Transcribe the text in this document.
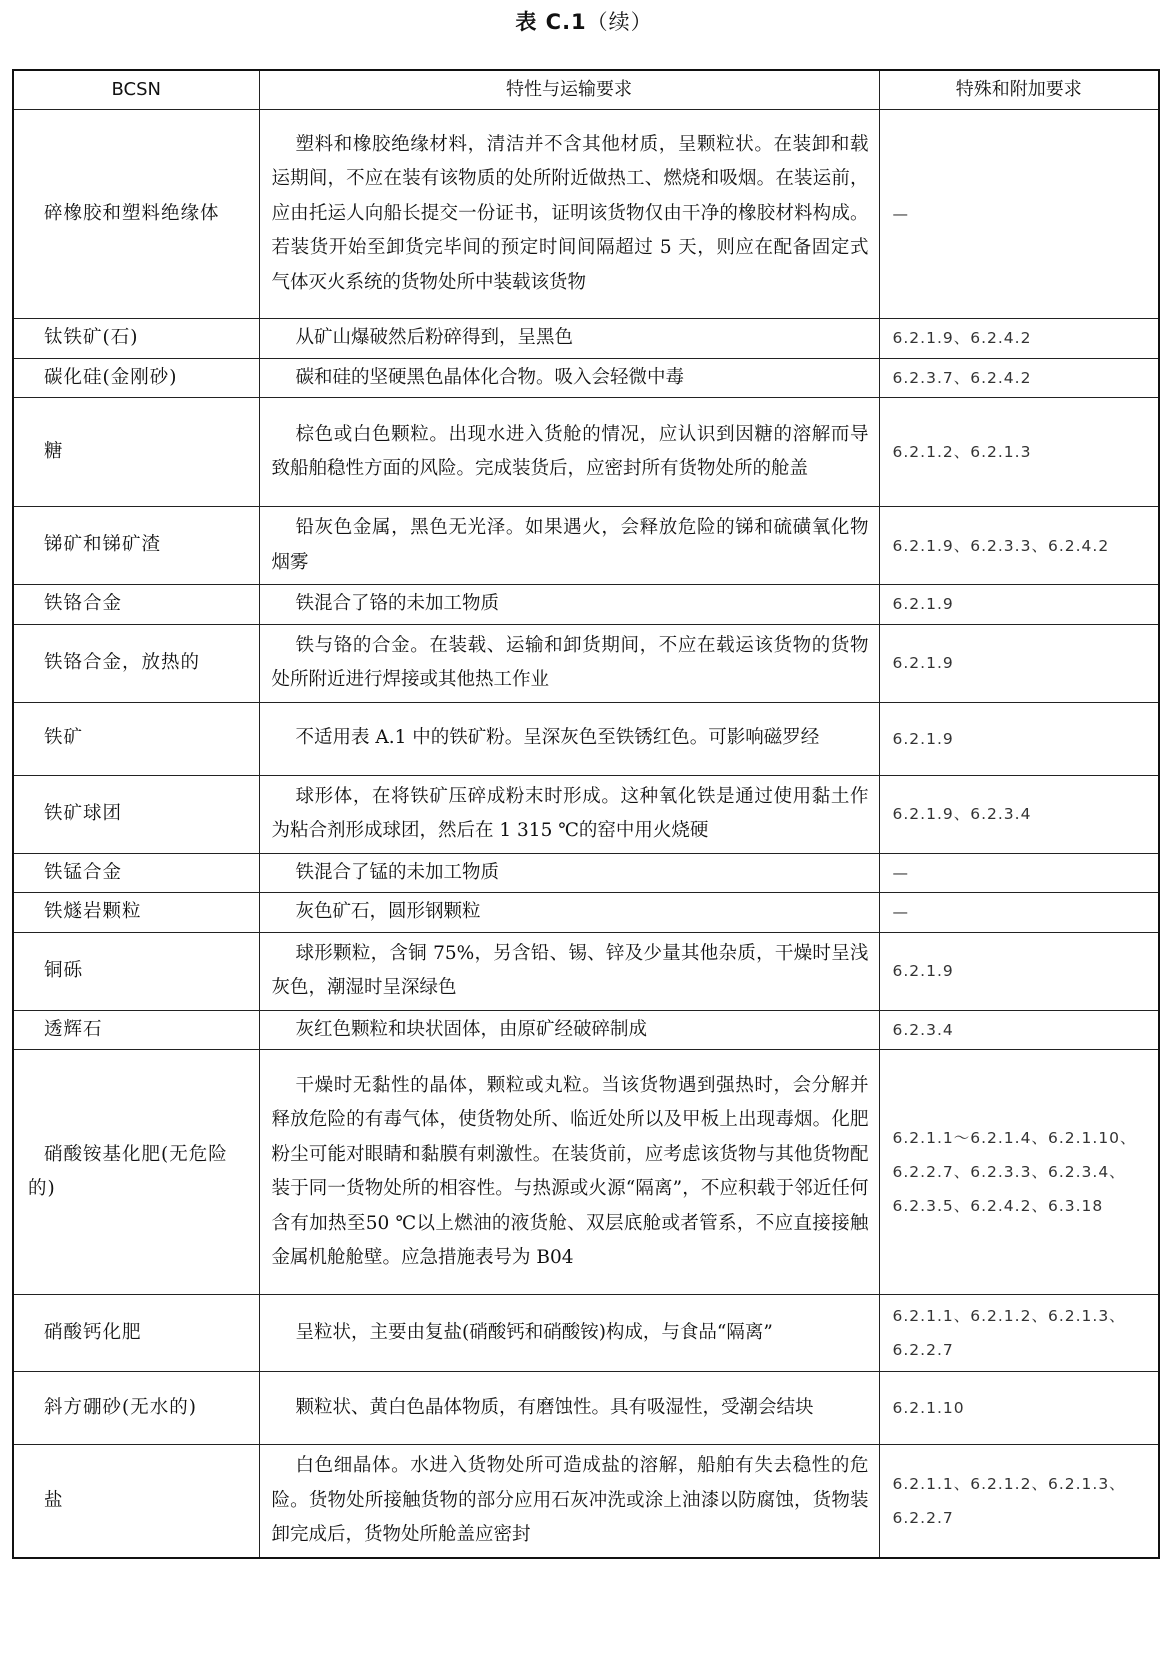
表 C.1（续）
BCSN	特性与运输要求	特殊和附加要求
碎橡胶和塑料绝缘体	塑料和橡胶绝缘材料，清洁并不含其他材质，呈颗粒状。在装卸和载运期间，不应在装有该物质的处所附近做热工、燃烧和吸烟。在装运前，应由托运人向船长提交一份证书，证明该货物仅由干净的橡胶材料构成。若装货开始至卸货完毕间的预定时间间隔超过 5 天，则应在配备固定式气体灭火系统的货物处所中装载该货物	—
钛铁矿(石)	从矿山爆破然后粉碎得到，呈黑色	6.2.1.9、6.2.4.2
碳化硅(金刚砂)	碳和硅的坚硬黑色晶体化合物。吸入会轻微中毒	6.2.3.7、6.2.4.2
糖	棕色或白色颗粒。出现水进入货舱的情况，应认识到因糖的溶解而导致船舶稳性方面的风险。完成装货后，应密封所有货物处所的舱盖	6.2.1.2、6.2.1.3
锑矿和锑矿渣	铅灰色金属，黑色无光泽。如果遇火，会释放危险的锑和硫磺氧化物烟雾	6.2.1.9、6.2.3.3、6.2.4.2
铁铬合金	铁混合了铬的未加工物质	6.2.1.9
铁铬合金，放热的	铁与铬的合金。在装载、运输和卸货期间，不应在载运该货物的货物处所附近进行焊接或其他热工作业	6.2.1.9
铁矿	不适用表 A.1 中的铁矿粉。呈深灰色至铁锈红色。可影响磁罗经	6.2.1.9
铁矿球团	球形体，在将铁矿压碎成粉末时形成。这种氧化铁是通过使用黏土作为粘合剂形成球团，然后在 1 315 ℃的窑中用火烧硬	6.2.1.9、6.2.3.4
铁锰合金	铁混合了锰的未加工物质	—
铁燧岩颗粒	灰色矿石，圆形钢颗粒	—
铜砾	球形颗粒，含铜 75%，另含铅、锡、锌及少量其他杂质，干燥时呈浅灰色，潮湿时呈深绿色	6.2.1.9
透辉石	灰红色颗粒和块状固体，由原矿经破碎制成	6.2.3.4
硝酸铵基化肥(无危险的)	干燥时无黏性的晶体，颗粒或丸粒。当该货物遇到强热时，会分解并释放危险的有毒气体，使货物处所、临近处所以及甲板上出现毒烟。化肥粉尘可能对眼睛和黏膜有刺激性。在装货前，应考虑该货物与其他货物配装于同一货物处所的相容性。与热源或火源“隔离”，不应积载于邻近任何含有加热至50 ℃以上燃油的液货舱、双层底舱或者管系，不应直接接触金属机舱舱壁。应急措施表号为 B04	6.2.1.1～6.2.1.4、6.2.1.10、6.2.2.7、6.2.3.3、6.2.3.4、6.2.3.5、6.2.4.2、6.3.18
硝酸钙化肥	呈粒状，主要由复盐(硝酸钙和硝酸铵)构成，与食品“隔离”	6.2.1.1、6.2.1.2、6.2.1.3、6.2.2.7
斜方硼砂(无水的)	颗粒状、黄白色晶体物质，有磨蚀性。具有吸湿性，受潮会结块	6.2.1.10
盐	白色细晶体。水进入货物处所可造成盐的溶解，船舶有失去稳性的危险。货物处所接触货物的部分应用石灰冲洗或涂上油漆以防腐蚀，货物装卸完成后，货物处所舱盖应密封	6.2.1.1、6.2.1.2、6.2.1.3、6.2.2.7
